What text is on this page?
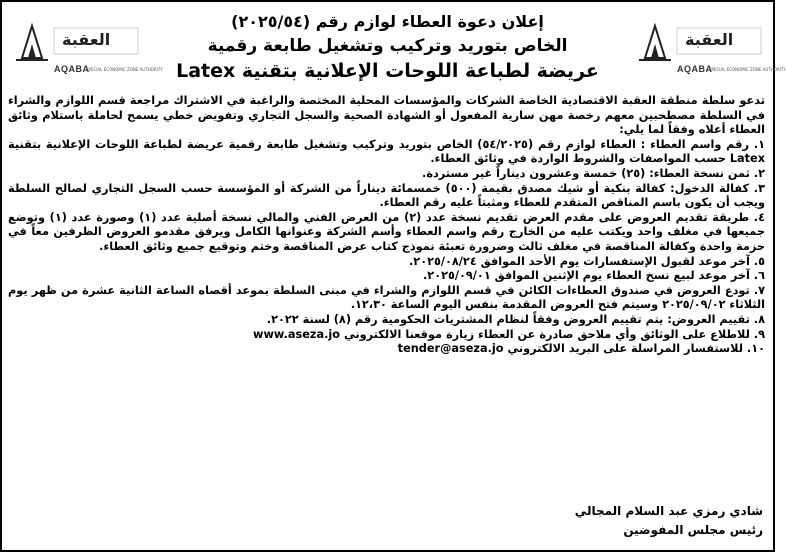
العقبة
AQABA
SPECIAL ECONOMIC ZONE AUTHORITY
العقبة
AQABA
SPECIAL ECONOMIC ZONE AUTHORITY
إعلان دعوة العطاء لوازم رقم (٢٠٢٥/٥٤)
الخاص بتوريد وتركيب وتشغيل طابعة رقمية
عريضة لطباعة اللوحات الإعلانية بتقنية Latex

تدعو سلطة منطقة العقبة الاقتصادية الخاصة الشركات والمؤسسات المحلية المختصة والراغبة في الاشتراك مراجعة قسم اللوازم والشراء في السلطة مصطحبين معهم رخصة مهن سارية المفعول أو الشهادة الصحية والسجل التجاري وتفويض خطي يسمح لحاملة باستلام وثائق العطاء أعلاه وفقاً لما يلي:

١. رقم واسم العطاء : العطاء لوازم رقم (٥٤/٢٠٢٥) الخاص بتوريد وتركيب وتشغيل طابعة رقمية عريضة لطباعة اللوحات الإعلانية بتقنية Latex حسب المواصفات والشروط الواردة في وثائق العطاء.

٢. ثمن نسخة العطاء: (٢٥) خمسة وعشرون ديناراً غير مستردة.

٣. كفالة الدخول: كفالة بنكية أو شيك مصدق بقيمة (٥٠٠) خمسمائة ديناراً من الشركة أو المؤسسة حسب السجل التجاري لصالح السلطة ويجب أن يكون باسم المناقص المتقدم للعطاء ومثبتاً عليه رقم العطاء.

٤. طريقة تقديم العروض على مقدم العرض تقديم نسخة عدد (٢) من العرض الفني والمالي نسخة أصلية عدد (١) وصورة عدد (١) وتوضع جميعها في مغلف واحد ويكتب عليه من الخارج رقم واسم العطاء وأسم الشركة وعنوانها الكامل ويرفق مقدمو العروض الظرفين معاً في حزمة واحدة وكفالة المناقصة في مغلف ثالث وضرورة تعبئة نموذج كتاب عرض المناقصة وختم وتوقيع جميع وثائق العطاء.

٥. آخر موعد لقبول الإستفسارات يوم الأحد الموافق ٢٠٢٥/٠٨/٢٤.

٦. آخر موعد لبيع نسخ العطاء يوم الإثنين الموافق ٢٠٢٥/٠٩/٠١.

٧. تودع العروض في صندوق العطاءات الكائن في قسم اللوازم والشراء في مبنى السلطة بموعد أقصاه الساعة الثانية عشرة من ظهر يوم الثلاثاء ٢٠٢٥/٠٩/٠٢ وسيتم فتح العروض المقدمة بنفس اليوم الساعة ١٢،٣٠.

٨. تقييم العروض: يتم تقييم العروض وفقاً لنظام المشتريات الحكومية رقم (٨) لسنة ٢٠٢٢.

٩. للاطلاع على الوثائق وأي ملاحق صادرة عن العطاء زيارة موقعنا الالكتروني www.aseza.jo

١٠. للاستفسار المراسلة على البريد الالكتروني tender@aseza.jo

شادي رمزي عبد السلام المجالي
رئيس مجلس المفوضين
